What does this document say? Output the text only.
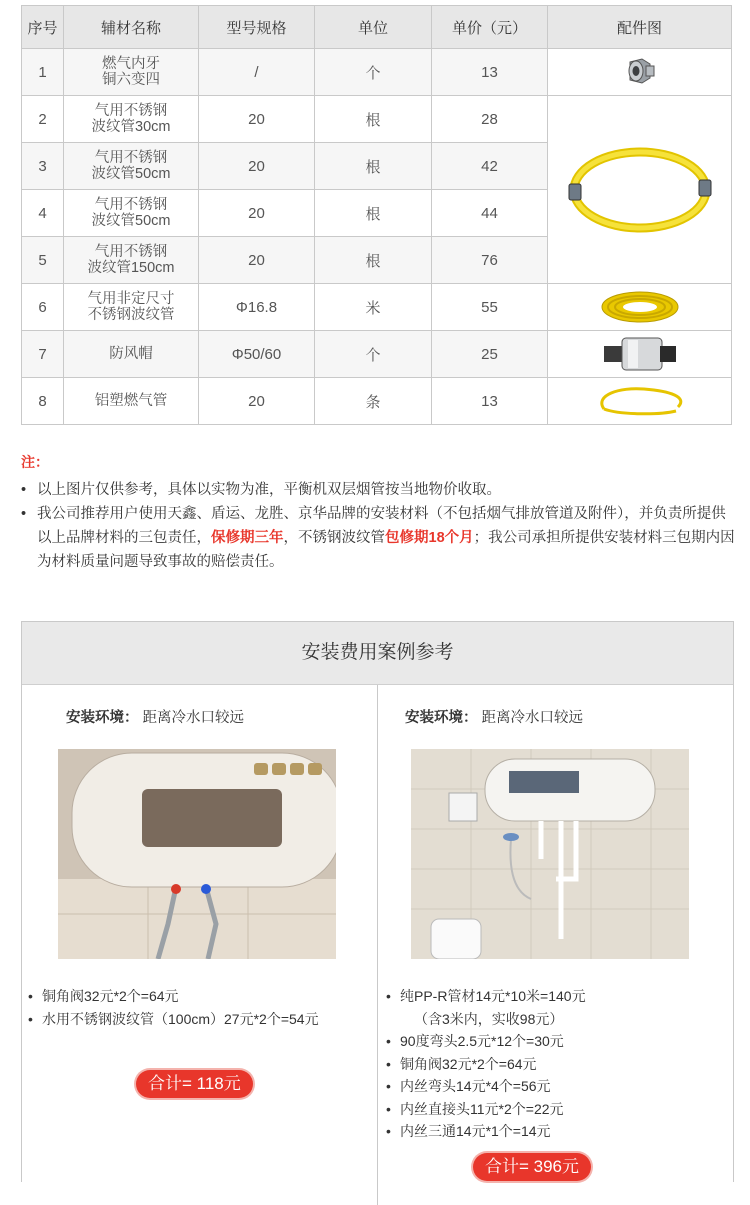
序号	辅材名称	型号规格	单位	单价（元）	配件图
1	燃气内牙
铜六变四	/	个	13	

2	气用不锈钢
波纹管30cm	20	根	28	

3	气用不锈钢
波纹管50cm	20	根	42	
4	气用不锈钢
波纹管50cm	20	根	44	
5	气用不锈钢
波纹管150cm	20	根	76	
6	气用非定尺寸
不锈钢波纹管	Φ16.8	米	55	

7	防风帽	Φ50/60	个	25	

8	铝塑燃气管	20	条	13	
注：
• 以上图片仅供参考，具体以实物为准，平衡机双层烟管按当地物价收取。
• 我公司推荐用户使用天鑫、盾运、龙胜、京华品牌的安装材料（不包括烟气排放管道及附件），并负责所提供以上品牌材料的三包责任，保修期三年，不锈钢波纹管包修期18个月；我公司承担所提供安装材料三包期内因为材料质量问题导致事故的赔偿责任。
安装费用案例参考
安装环境： 距离冷水口较远
• 铜角阀32元*2个=64元
• 水用不锈钢波纹管（100cm）27元*2个=54元
合计= 118元
安装环境： 距离冷水口较远
• 纯PP-R管材14元*10米=140元
（含3米内，实收98元）
• 90度弯头2.5元*12个=30元
• 铜角阀32元*2个=64元
• 内丝弯头14元*4个=56元
• 内丝直接头11元*2个=22元
• 内丝三通14元*1个=14元
合计= 396元
